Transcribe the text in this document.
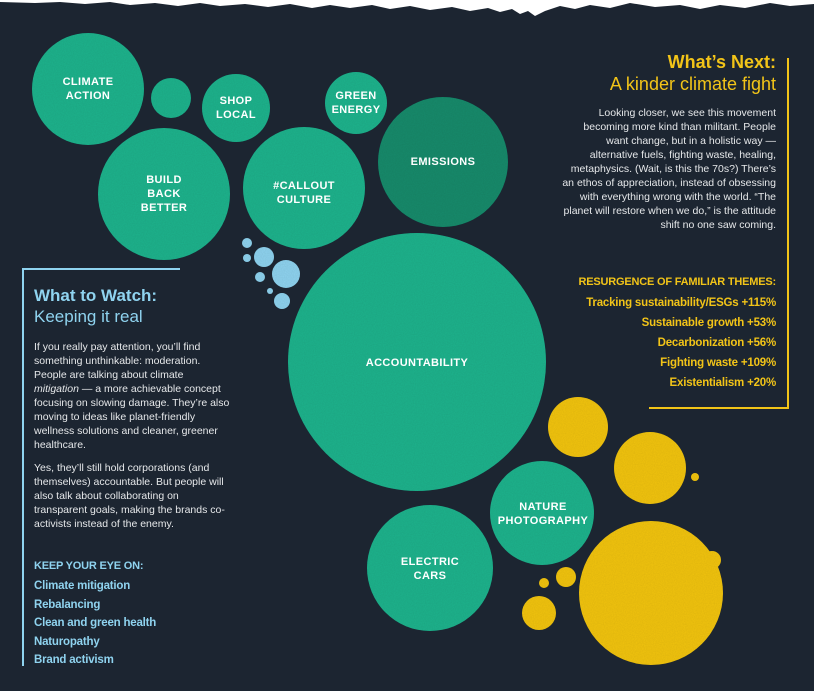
CLIMATE
ACTION	SHOP
LOCAL
GREEN
ENERGY
EMISSIONS
BUILD
BACK
BETTER
#CALLOUT
CULTURE
ACCOUNTABILITY
NATURE
PHOTOGRAPHY
ELECTRIC
CARS
What’s Next:
A kinder climate fight
Looking closer, we see this movement becoming more kind than militant. People want change, but in a holistic way — alternative fuels, fighting waste, healing, metaphysics. (Wait, is this the 70s?) There’s an ethos of appreciation, instead of obsessing with everything wrong with the world. “The planet will restore when we do,” is the attitude shift no one saw coming.
RESURGENCE OF FAMILIAR THEMES:
Tracking sustainability/ESGs +115%
Sustainable growth +53%
Decarbonization +56%
Fighting waste +109%
Existentialism +20%
What to Watch:
Keeping it real

If you really pay attention, you’ll find something unthinkable: moderation. People are talking about climate mitigation — a more achievable concept focusing on slowing damage. They’re also moving to ideas like planet-friendly wellness solutions and cleaner, greener healthcare.

Yes, they’ll still hold corporations (and themselves) accountable. But people will also talk about collaborating on transparent goals, making the brands co-activists instead of the enemy.

KEEP YOUR EYE ON:
Climate mitigation
Rebalancing
Clean and green health
Naturopathy
Brand activism
